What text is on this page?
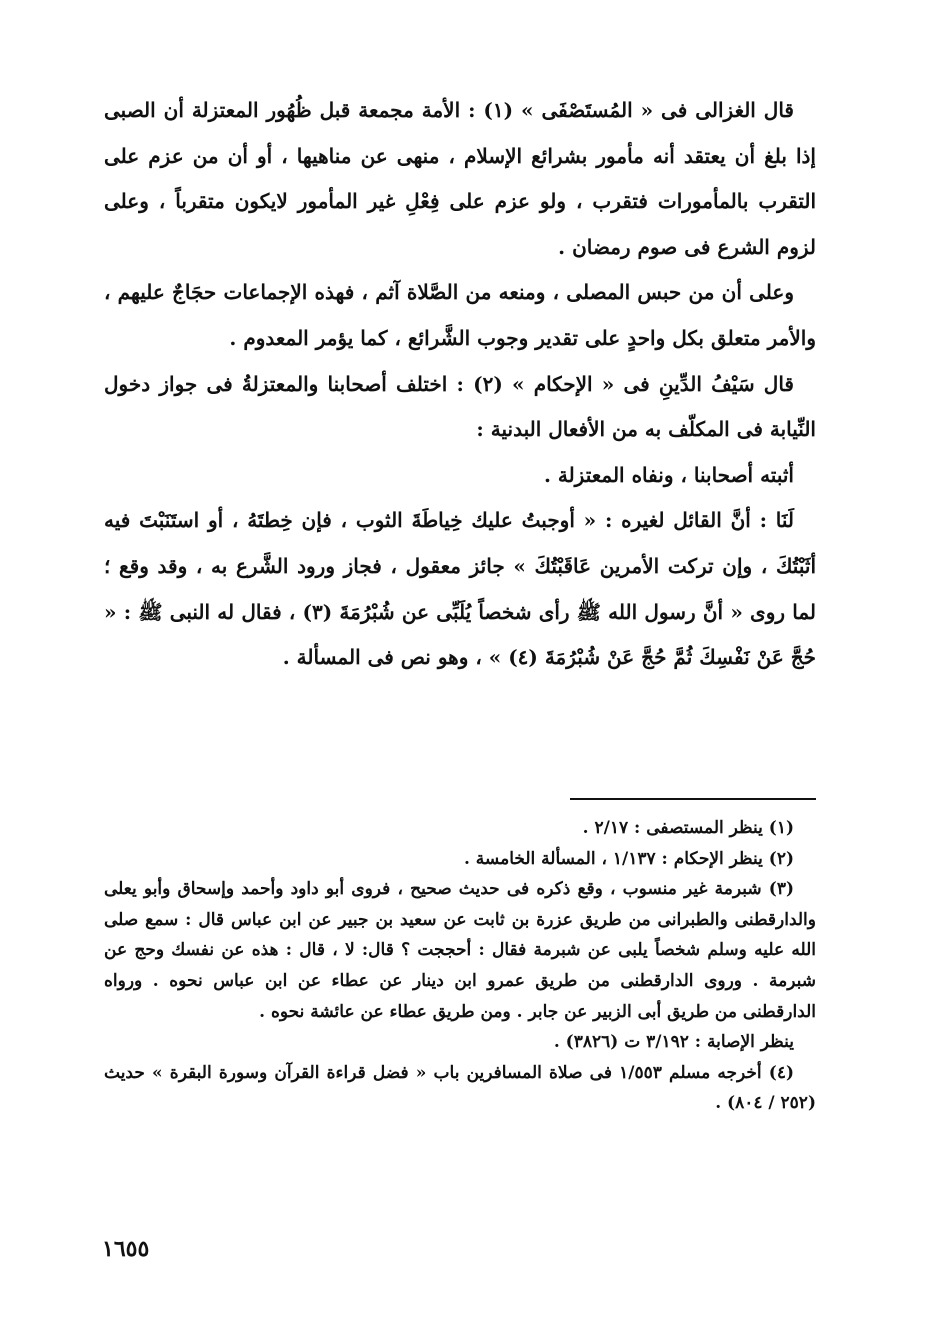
قال الغزالى فى « المُستَصْفَى » (١) : الأمة مجمعة قبل ظُهُور المعتزلة أن الصبى إذا بلغ أن يعتقد أنه مأمور بشرائع الإسلام ، منهى عن مناهيها ، أو أن من عزم على التقرب بالمأمورات فتقرب ، ولو عزم على فِعْلِ غير المأمور لايكون متقرباً ، وعلى لزوم الشرع فى صوم رمضان .

وعلى أن من حبس المصلى ، ومنعه من الصَّلاة آثم ، فهذه الإجماعات حجَاجٌ عليهم ، والأمر متعلق بكل واحدٍ على تقدير وجوب الشَّرائع ، كما يؤمر المعدوم .

قال سَيْفُ الدِّينِ فى « الإحكام » (٢) : اختلف أصحابنا والمعتزلةُ فى جواز دخول النِّيابة فى المكلّف به من الأفعال البدنية :

أثبته أصحابنا ، ونفاه المعتزلة .

لَنَا : أنَّ القائل لغيره : « أوجبتُ عليك خِياطَةَ الثوب ، فإن خِطتَهُ ، أو استَنَبْتَ فيه أثَبْتُكَ ، وإن تركت الأمرين عَاقَبْتُكَ » جائز معقول ، فجاز ورود الشَّرع به ، وقد وقع ؛ لما روى « أنَّ رسول الله ﷺ رأى شخصاً يُلَبِّى عن شُبْرُمَةَ (٣) ، فقال له النبى ﷺ : « حُجَّ عَنْ نَفْسِكَ ثُمَّ حُجَّ عَنْ شُبْرُمَةَ (٤) » ، وهو نص فى المسألة .

(١) ينظر المستصفى : ٢/١٧ .

(٢) ينظر الإحكام : ١/١٣٧ ، المسألة الخامسة .

(٣) شبرمة غير منسوب ، وقع ذكره فى حديث صحيح ، فروى أبو داود وأحمد وإسحاق وأبو يعلى والدارقطنى والطبرانى من طريق عزرة بن ثابت عن سعيد بن جبير عن ابن عباس قال : سمع صلى الله عليه وسلم شخصاً يلبى عن شبرمة فقال : أحججت ؟ قال: لا ، قال : هذه عن نفسك وحج عن شبرمة . وروى الدارقطنى من طريق عمرو ابن دينار عن عطاء عن ابن عباس نحوه . ورواه الدارقطنى من طريق أبى الزبير عن جابر . ومن طريق عطاء عن عائشة نحوه .

ينظر الإصابة : ٣/١٩٢ ت (٣٨٢٦) .

(٤) أخرجه مسلم ١/٥٥٣ فى صلاة المسافرين باب « فضل قراءة القرآن وسورة البقرة » حديث (٢٥٢ / ٨٠٤) .

١٦٥٥
